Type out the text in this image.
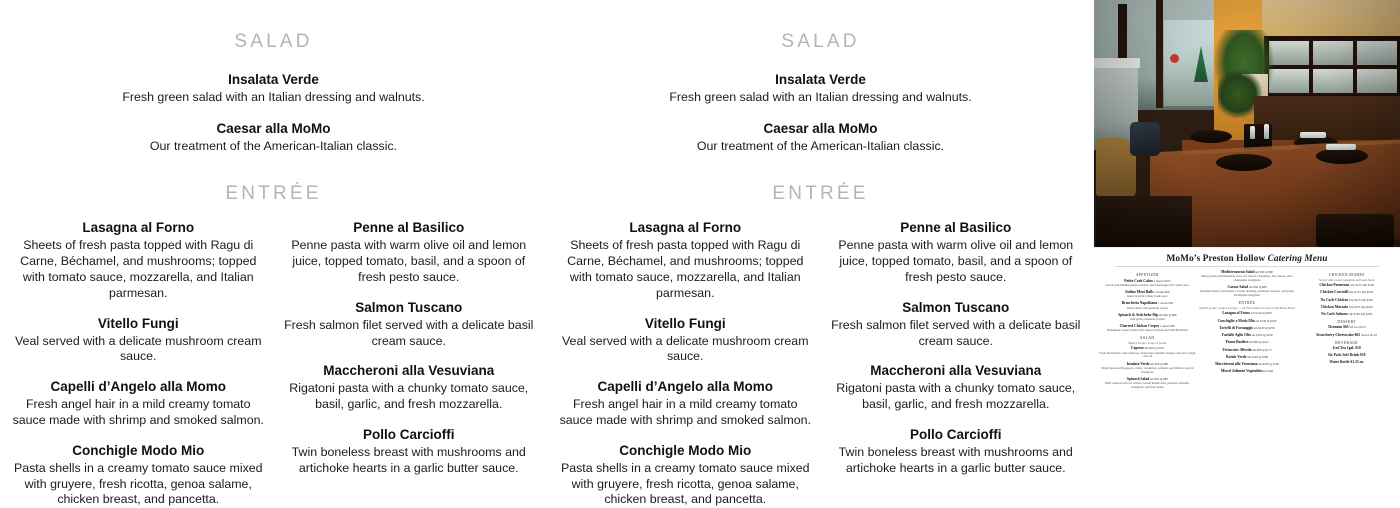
SALAD
Insalata Verde
Fresh green salad with an Italian dressing and walnuts.
Caesar alla MoMo
Our treatment of the American-Italian classic.
ENTRÉE
Lasagna al Forno
Sheets of fresh pasta topped with Ragu di Carne, Béchamel, and mushrooms; topped with tomato sauce, mozzarella, and Italian parmesan.
Vitello Fungi
Veal served with a delicate mushroom cream sauce.
Capelli d’Angelo alla Momo
Fresh angel hair in a mild creamy tomato sauce made with shrimp and smoked salmon.
Conchigle Modo Mio
Pasta shells in a creamy tomato sauce mixed with gruyere, fresh ricotta, genoa salame, chicken breast, and pancetta.
Penne al Basilico
Penne pasta with warm olive oil and lemon juice, topped tomato, basil, and a spoon of fresh pesto sauce.
Salmon Tuscano
Fresh salmon filet served with a delicate basil cream sauce.
Maccheroni alla Vesuviana
Rigatoni pasta with a chunky tomato sauce, basil, garlic, and fresh mozzarella.
Pollo Carcioffi
Twin boneless breast with mushrooms and artichoke hearts in a garlic butter sauce.
SALAD
Insalata Verde
Fresh green salad with an Italian dressing and walnuts.
Caesar alla MoMo
Our treatment of the American-Italian classic.
ENTRÉE
Lasagna al Forno
Sheets of fresh pasta topped with Ragu di Carne, Béchamel, and mushrooms; topped with tomato sauce, mozzarella, and Italian parmesan.
Vitello Fungi
Veal served with a delicate mushroom cream sauce.
Capelli d’Angelo alla Momo
Fresh angel hair in a mild creamy tomato sauce made with shrimp and smoked salmon.
Conchigle Modo Mio
Pasta shells in a creamy tomato sauce mixed with gruyere, fresh ricotta, genoa salame, chicken breast, and pancetta.
Penne al Basilico
Penne pasta with warm olive oil and lemon juice, topped tomato, basil, and a spoon of fresh pesto sauce.
Salmon Tuscano
Fresh salmon filet served with a delicate basil cream sauce.
Maccheroni alla Vesuviana
Rigatoni pasta with a chunky tomato sauce, basil, garlic, and fresh mozzarella.
Pollo Carcioffi
Twin boneless breast with mushrooms and artichoke hearts in a garlic butter sauce.
MoMo’s Preston Hollow Catering Menu
APPETIZER
Petite Crab Cakes 1 dozen $195
served with Mediterranean coleslaw and Champagne dill cream sauce
Italian Meat Balls 1 dozen $60
baked in garlic tomato basil sauce
Bruschetta Napolitana 1 dozen $50
fresh tomato and parmesan cheese
Spinach & Artichoke Dip sm $40 lg $80
with garlic parmesan crostini
Charred Chicken Crepes 1 dozen $65
Homemade crepes folded with charred chicken and mild Béchamel
SALAD
Small 8 people / Large 16 people
Caprese sm $50 lg $100
Fresh mozzarella, roma tomatoes, fresh basil, balsamic vinegar, and extra virgin olive oil
Insalata Verde sm $50 lg $80
Mixed greens with peppers, celery, cucumbers, walnuts, and Momo’s special vinaigrette
Spinach Salad sm $50 lg $80
Baby spinach with red onions, roasted mushrooms, pancetta, balsamic vinaigrette, and feta cheese
Mediterranean Salad sm $50 lg $80
Mixed greens with kalamata olive, red onions, cucumbers, feta cheese, and a champagne vinaigrette
Caesar Salad sm $50 lg $80
Romaine lettuce with Momo’s Caesar dressing, parmesan croutons, and grated Parmigiano Reggiano
ENTRÉE
Small 8 people / Large 16 people — All Pasta Orders are served with House Bread
Lasagna al Forno sm $120 lg $250
Conchiglie a Modo Mio sm $130 lg $250
Tortelli di Formaggio sm $120 lg $250
Farfalle Aglio Olio sm $100 lg $190
Penne Basilico sm $80 lg $145
Fettuccine Alfredo sm $80 lg $175
Rotolo Verde sm $100 lg $190
Maccheroni alla Vesuviana sm $100 lg $190
Mixed Julienne Vegetables full $40
CHICKEN DISHES
Served with roasted vegetables and house bread
Chicken Parmesan 10p $125 20p $220
Chicken Carcioffi 10p $125 20p $220
No Carb Chicken 10p $125 20p $220
Chicken Marsala 10p $125 20p $220
No Carb Salmon 10p $150 20p $300
DESSERT
Tiramisu $65 Serves 20-25
Strawberry Cheesecake $65 Serves 20-25
BEVERAGE
Iced Tea 1gal. $10
Six Pack Soft Drink $10
Water Bottle $1.25 ea.
